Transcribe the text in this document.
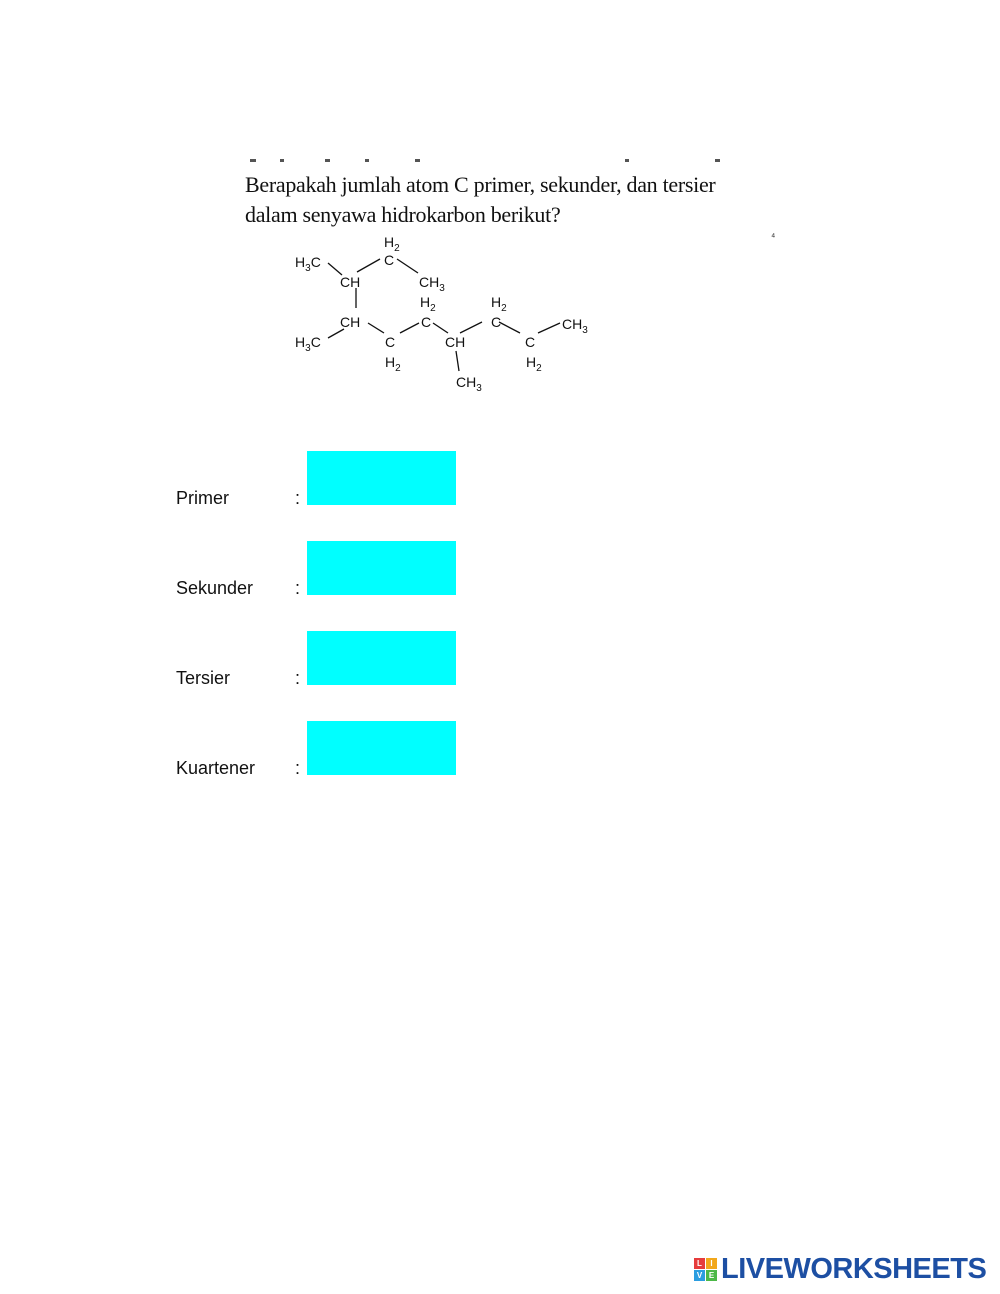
Berapakah jumlah atom C primer, sekunder, dan tersier
dalam senyawa hidrokarbon berikut?
⁴
$H_2$
C
$H_3C$
CH	$CH_3$
$H_2$	$H_2$
CH	C	C	$CH_3$
$H_3C$	C	CH	C
$H_2$	$H_2$
$CH_3$
Primer	:
Sekunder :
Tersier	:
Kuartener :
L	I
V E LIVEWORKSHEETS
